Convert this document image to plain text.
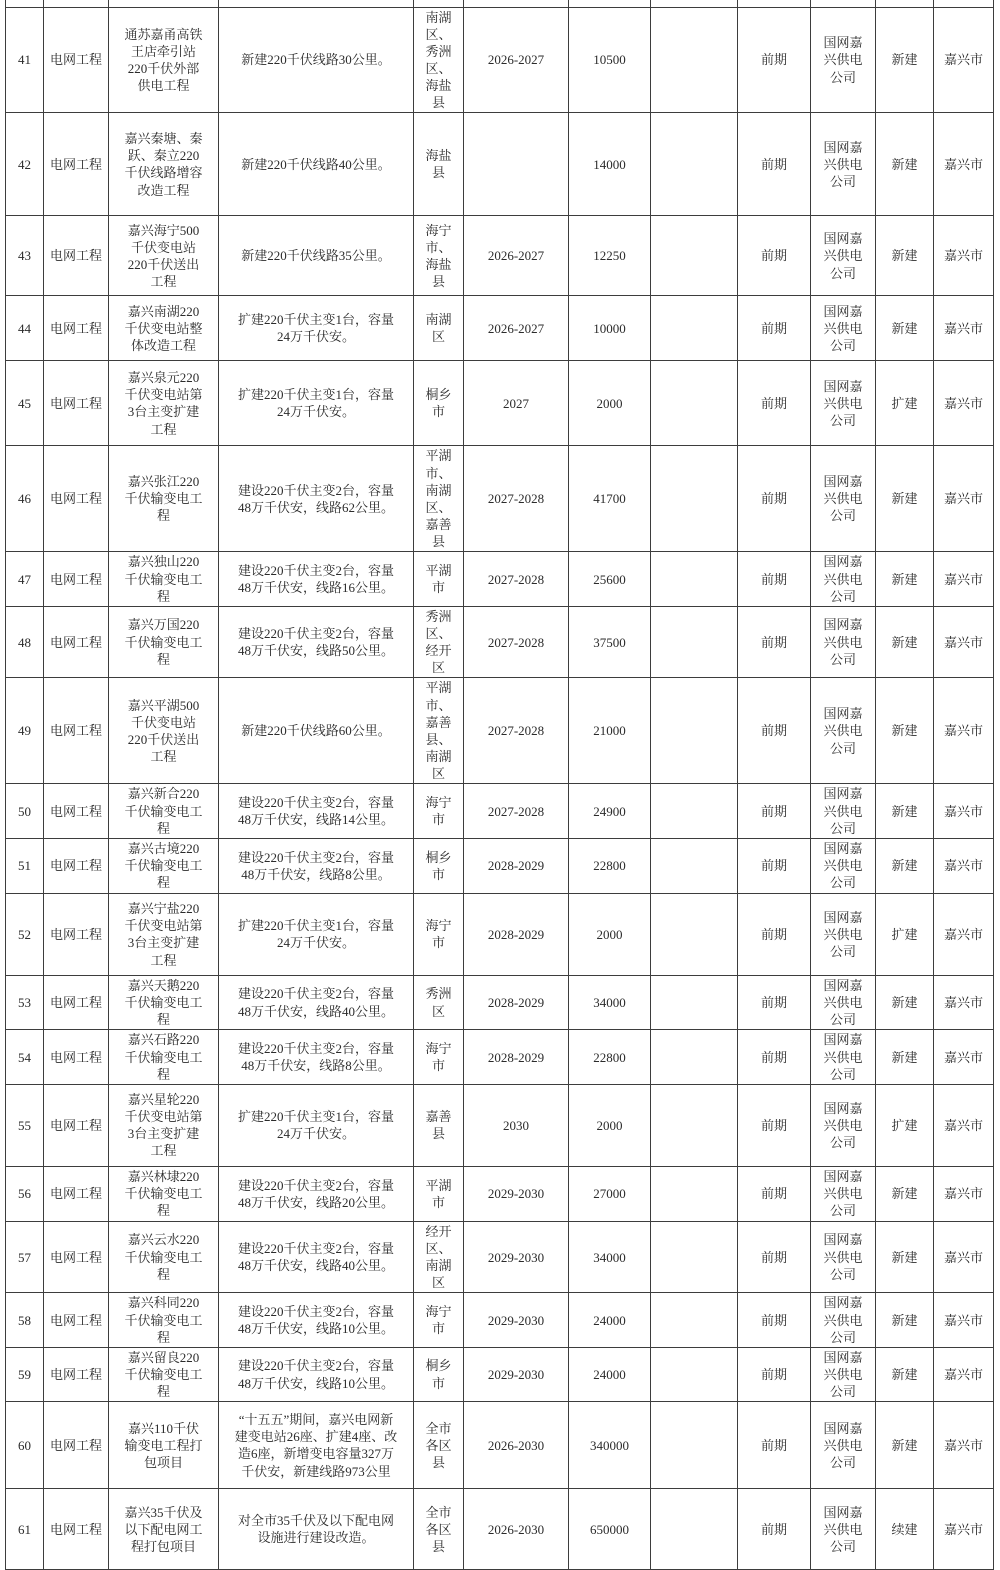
41	电网工程	通苏嘉甬高铁王店牵引站220千伏外部供电工程	新建220千伏线路30公里。	南湖区、秀洲区、海盐县	2026-2027	10500		前期	国网嘉兴供电公司	新建	嘉兴市
42	电网工程	嘉兴秦塘、秦跃、秦立220千伏线路增容改造工程	新建220千伏线路40公里。	海盐县		14000		前期	国网嘉兴供电公司	新建	嘉兴市
43	电网工程	嘉兴海宁500千伏变电站220千伏送出工程	新建220千伏线路35公里。	海宁市、海盐县	2026-2027	12250		前期	国网嘉兴供电公司	新建	嘉兴市
44	电网工程	嘉兴南湖220千伏变电站整体改造工程	扩建220千伏主变1台，容量24万千伏安。	南湖区	2026-2027	10000		前期	国网嘉兴供电公司	新建	嘉兴市
45	电网工程	嘉兴泉元220千伏变电站第3台主变扩建工程	扩建220千伏主变1台，容量24万千伏安。	桐乡市	2027	2000		前期	国网嘉兴供电公司	扩建	嘉兴市
46	电网工程	嘉兴张江220千伏输变电工程	建设220千伏主变2台，容量48万千伏安，线路62公里。	平湖市、南湖区、嘉善县	2027-2028	41700		前期	国网嘉兴供电公司	新建	嘉兴市
47	电网工程	嘉兴独山220千伏输变电工程	建设220千伏主变2台，容量48万千伏安，线路16公里。	平湖市	2027-2028	25600		前期	国网嘉兴供电公司	新建	嘉兴市
48	电网工程	嘉兴万国220千伏输变电工程	建设220千伏主变2台，容量48万千伏安，线路50公里。	秀洲区、经开区	2027-2028	37500		前期	国网嘉兴供电公司	新建	嘉兴市
49	电网工程	嘉兴平湖500千伏变电站220千伏送出工程	新建220千伏线路60公里。	平湖市、嘉善县、南湖区	2027-2028	21000		前期	国网嘉兴供电公司	新建	嘉兴市
50	电网工程	嘉兴新合220千伏输变电工程	建设220千伏主变2台，容量48万千伏安，线路14公里。	海宁市	2027-2028	24900		前期	国网嘉兴供电公司	新建	嘉兴市
51	电网工程	嘉兴古境220千伏输变电工程	建设220千伏主变2台，容量48万千伏安，线路8公里。	桐乡市	2028-2029	22800		前期	国网嘉兴供电公司	新建	嘉兴市
52	电网工程	嘉兴宁盐220千伏变电站第3台主变扩建工程	扩建220千伏主变1台，容量24万千伏安。	海宁市	2028-2029	2000		前期	国网嘉兴供电公司	扩建	嘉兴市
53	电网工程	嘉兴天鹅220千伏输变电工程	建设220千伏主变2台，容量48万千伏安，线路40公里。	秀洲区	2028-2029	34000		前期	国网嘉兴供电公司	新建	嘉兴市
54	电网工程	嘉兴石路220千伏输变电工程	建设220千伏主变2台，容量48万千伏安，线路8公里。	海宁市	2028-2029	22800		前期	国网嘉兴供电公司	新建	嘉兴市
55	电网工程	嘉兴星轮220千伏变电站第3台主变扩建工程	扩建220千伏主变1台，容量24万千伏安。	嘉善县	2030	2000		前期	国网嘉兴供电公司	扩建	嘉兴市
56	电网工程	嘉兴林埭220千伏输变电工程	建设220千伏主变2台，容量48万千伏安，线路20公里。	平湖市	2029-2030	27000		前期	国网嘉兴供电公司	新建	嘉兴市
57	电网工程	嘉兴云水220千伏输变电工程	建设220千伏主变2台，容量48万千伏安，线路40公里。	经开区、南湖区	2029-2030	34000		前期	国网嘉兴供电公司	新建	嘉兴市
58	电网工程	嘉兴科同220千伏输变电工程	建设220千伏主变2台，容量48万千伏安，线路10公里。	海宁市	2029-2030	24000		前期	国网嘉兴供电公司	新建	嘉兴市
59	电网工程	嘉兴留良220千伏输变电工程	建设220千伏主变2台，容量48万千伏安，线路10公里。	桐乡市	2029-2030	24000		前期	国网嘉兴供电公司	新建	嘉兴市
60	电网工程	嘉兴110千伏输变电工程打包项目	“十五五”期间，嘉兴电网新建变电站26座、扩建4座、改造6座，新增变电容量327万千伏安，新建线路973公里	全市各区县	2026-2030	340000		前期	国网嘉兴供电公司	新建	嘉兴市
61	电网工程	嘉兴35千伏及以下配电网工程打包项目	对全市35千伏及以下配电网设施进行建设改造。	全市各区县	2026-2030	650000		前期	国网嘉兴供电公司	续建	嘉兴市
